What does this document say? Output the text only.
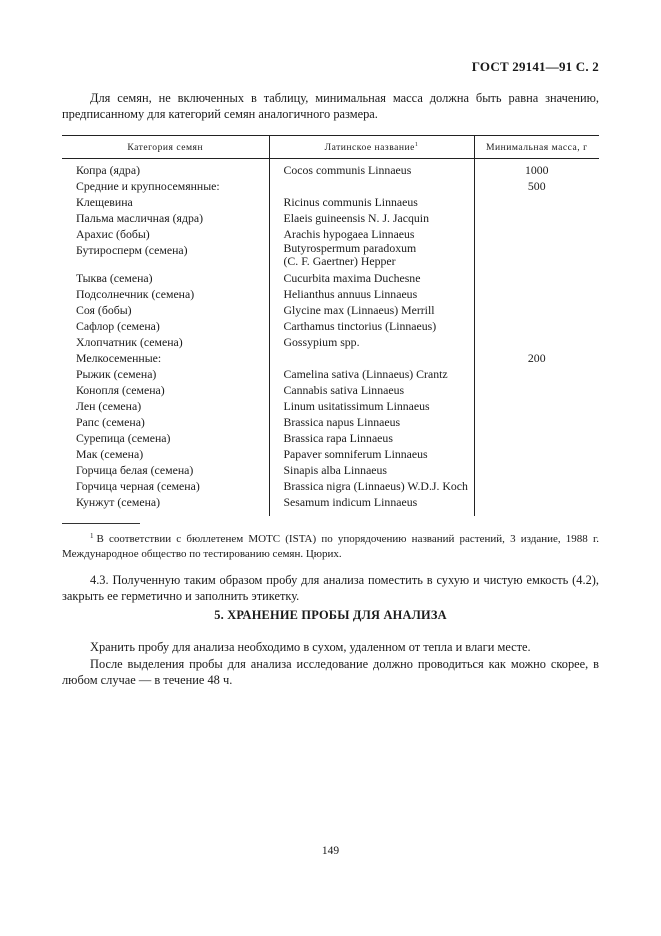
ГОСТ 29141—91 С. 2

Для семян, не включенных в таблицу, минимальная масса должна быть равна значению, предписанному для категорий семян аналогичного размера.

Категория семян	Латинское название$^1$	Минимальная масса, г
Копра (ядра)	Cocos communis Linnaeus	1000
Средние и крупносемянные:		500
Клещевина	Ricinus communis Linnaeus	
Пальма масличная (ядра)	Elaeis guineensis N. J. Jacquin	
Арахис (бобы)	Arachis hypogaea Linnaeus	
Бутироспeрм (семена)	Butyrospermum paradoxum
(C. F. Gaertner) Hepper	

Тыква (семена)	Cucurbita maxima Duchesne	
Подсолнечник (семена)	Helianthus annuus Linnaeus	
Соя (бобы)	Glycine max (Linnaeus) Merrill	
Сафлор (семена)	Carthamus tinctorius (Linnaeus)	
Хлопчатник (семена)	Gossypium spp.	
Мелкосеменные:		200
Рыжик (семена)	Camelina sativa (Linnaeus) Crantz	
Конопля (семена)	Cannabis sativa Linnaeus	
Лен (семена)	Linum usitatissimum Linnaeus	
Рапс (семена)	Brassica napus Linnaeus	
Сурепица (семена)	Brassica rapa Linnaeus	
Мак (семена)	Papaver somniferum Linnaeus	
Горчица белая (семена)	Sinapis alba Linnaeus	
Горчица черная (семена)	Brassica nigra (Linnaeus) W.D.J. Koch	
Кунжут (семена)	Sesamum indicum Linnaeus	

$^1$ В соответствии с бюллетенем МОТС (ISTA) по упорядочению названий растений, 3 издание, 1988 г. Международное общество по тестированию семян. Цюрих.

4.3. Полученную таким образом пробу для анализа поместить в сухую и чистую емкость (4.2), закрыть ее герметично и заполнить этикетку.

5. ХРАНЕНИЕ ПРОБЫ ДЛЯ АНАЛИЗА

Хранить пробу для анализа необходимо в сухом, удаленном от тепла и влаги месте.

После выделения пробы для анализа исследование должно проводиться как можно скорее, в любом случае — в течение 48 ч.

149
